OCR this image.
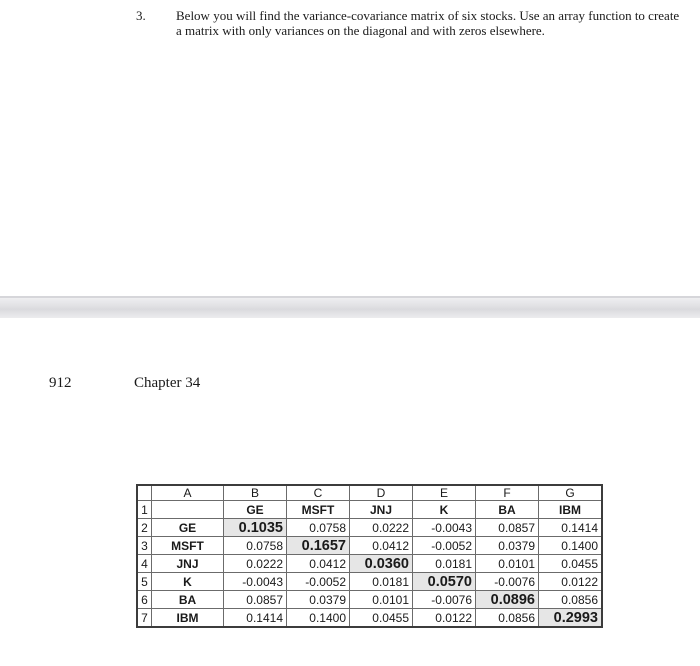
3. Below you will find the variance-covariance matrix of six stocks. Use an array function to create a matrix with only variances on the diagonal and with zeros elsewhere.
912	Chapter 34
	A	B	C	D	E	F	G
1		GE	MSFT	JNJ	K	BA	IBM
2	GE	0.1035	0.0758	0.0222	-0.0043	0.0857	0.1414
3	MSFT	0.0758	0.1657	0.0412	-0.0052	0.0379	0.1400
4	JNJ	0.0222	0.0412	0.0360	0.0181	0.0101	0.0455
5	K	-0.0043	-0.0052	0.0181	0.0570	-0.0076	0.0122
6	BA	0.0857	0.0379	0.0101	-0.0076	0.0896	0.0856
7	IBM	0.1414	0.1400	0.0455	0.0122	0.0856	0.2993
